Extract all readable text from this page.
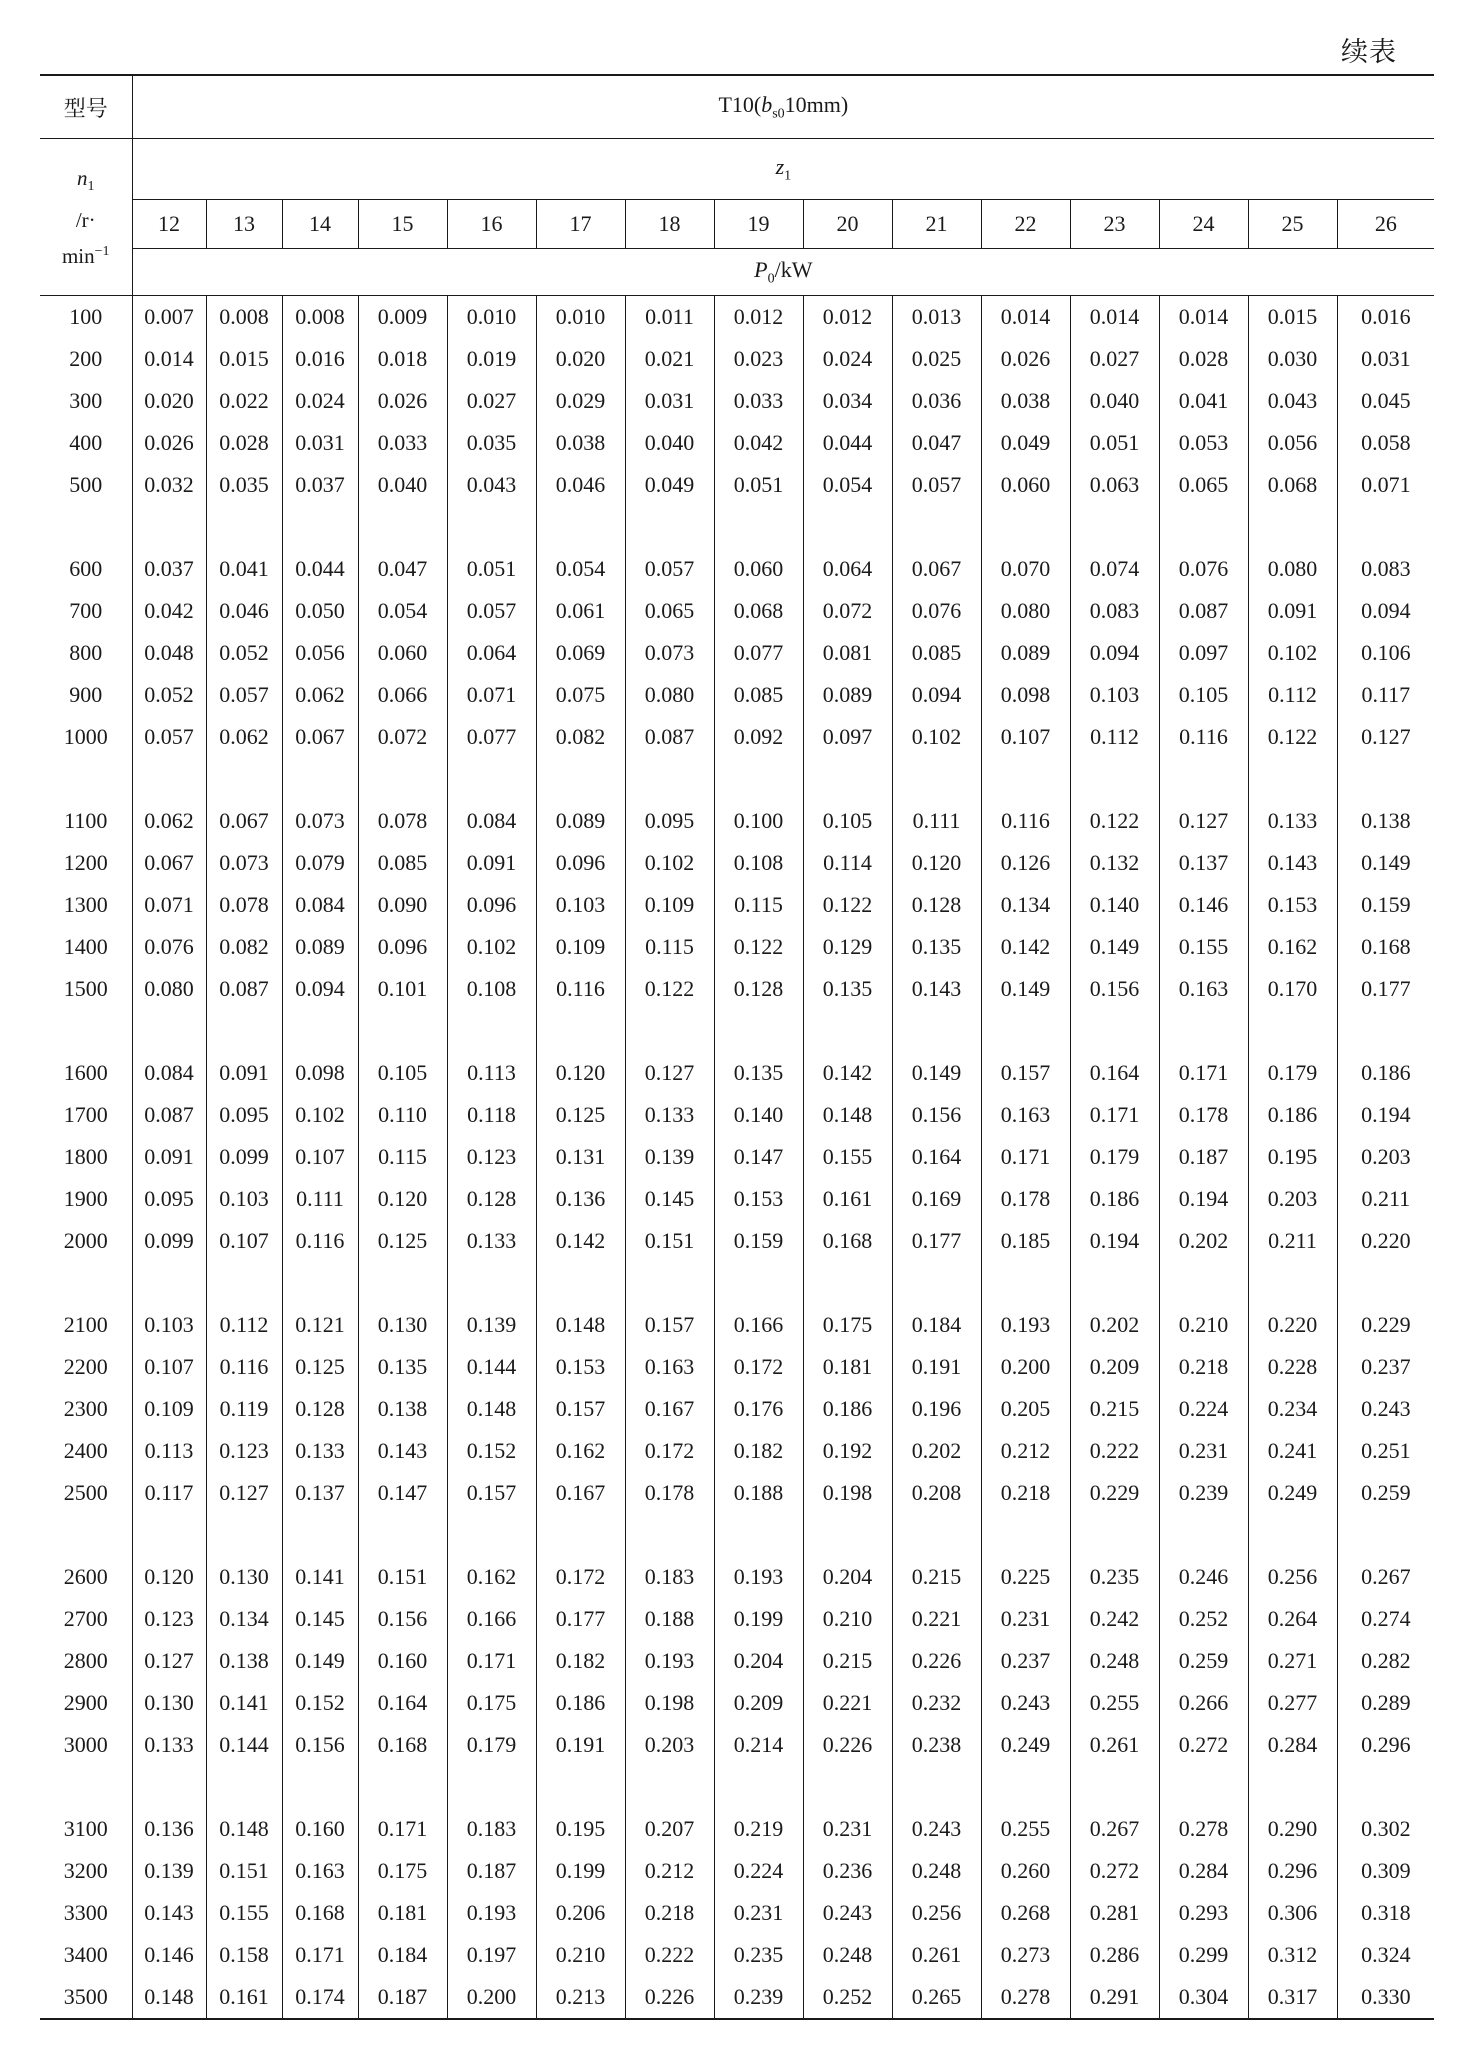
续表
型号	$T10(b_{s0}10mm)$														

$n_1$
/r·
$\min^{-1}$	$z_1$
	12	13	14	15	16	17	18	19	20	21	22	23	24	25	26
	$P_0/kW$														
100	0.007	0.008	0.008	0.009	0.010	0.010	0.011	0.012	0.012	0.013	0.014	0.014	0.014	0.015	0.016
200	0.014	0.015	0.016	0.018	0.019	0.020	0.021	0.023	0.024	0.025	0.026	0.027	0.028	0.030	0.031
300	0.020	0.022	0.024	0.026	0.027	0.029	0.031	0.033	0.034	0.036	0.038	0.040	0.041	0.043	0.045
400	0.026	0.028	0.031	0.033	0.035	0.038	0.040	0.042	0.044	0.047	0.049	0.051	0.053	0.056	0.058
500	0.032	0.035	0.037	0.040	0.043	0.046	0.049	0.051	0.054	0.057	0.060	0.063	0.065	0.068	0.071

600	0.037	0.041	0.044	0.047	0.051	0.054	0.057	0.060	0.064	0.067	0.070	0.074	0.076	0.080	0.083
700	0.042	0.046	0.050	0.054	0.057	0.061	0.065	0.068	0.072	0.076	0.080	0.083	0.087	0.091	0.094
800	0.048	0.052	0.056	0.060	0.064	0.069	0.073	0.077	0.081	0.085	0.089	0.094	0.097	0.102	0.106
900	0.052	0.057	0.062	0.066	0.071	0.075	0.080	0.085	0.089	0.094	0.098	0.103	0.105	0.112	0.117
1000	0.057	0.062	0.067	0.072	0.077	0.082	0.087	0.092	0.097	0.102	0.107	0.112	0.116	0.122	0.127

1100	0.062	0.067	0.073	0.078	0.084	0.089	0.095	0.100	0.105	0.111	0.116	0.122	0.127	0.133	0.138
1200	0.067	0.073	0.079	0.085	0.091	0.096	0.102	0.108	0.114	0.120	0.126	0.132	0.137	0.143	0.149
1300	0.071	0.078	0.084	0.090	0.096	0.103	0.109	0.115	0.122	0.128	0.134	0.140	0.146	0.153	0.159
1400	0.076	0.082	0.089	0.096	0.102	0.109	0.115	0.122	0.129	0.135	0.142	0.149	0.155	0.162	0.168
1500	0.080	0.087	0.094	0.101	0.108	0.116	0.122	0.128	0.135	0.143	0.149	0.156	0.163	0.170	0.177

1600	0.084	0.091	0.098	0.105	0.113	0.120	0.127	0.135	0.142	0.149	0.157	0.164	0.171	0.179	0.186
1700	0.087	0.095	0.102	0.110	0.118	0.125	0.133	0.140	0.148	0.156	0.163	0.171	0.178	0.186	0.194
1800	0.091	0.099	0.107	0.115	0.123	0.131	0.139	0.147	0.155	0.164	0.171	0.179	0.187	0.195	0.203
1900	0.095	0.103	0.111	0.120	0.128	0.136	0.145	0.153	0.161	0.169	0.178	0.186	0.194	0.203	0.211
2000	0.099	0.107	0.116	0.125	0.133	0.142	0.151	0.159	0.168	0.177	0.185	0.194	0.202	0.211	0.220

2100	0.103	0.112	0.121	0.130	0.139	0.148	0.157	0.166	0.175	0.184	0.193	0.202	0.210	0.220	0.229
2200	0.107	0.116	0.125	0.135	0.144	0.153	0.163	0.172	0.181	0.191	0.200	0.209	0.218	0.228	0.237
2300	0.109	0.119	0.128	0.138	0.148	0.157	0.167	0.176	0.186	0.196	0.205	0.215	0.224	0.234	0.243
2400	0.113	0.123	0.133	0.143	0.152	0.162	0.172	0.182	0.192	0.202	0.212	0.222	0.231	0.241	0.251
2500	0.117	0.127	0.137	0.147	0.157	0.167	0.178	0.188	0.198	0.208	0.218	0.229	0.239	0.249	0.259

2600	0.120	0.130	0.141	0.151	0.162	0.172	0.183	0.193	0.204	0.215	0.225	0.235	0.246	0.256	0.267
2700	0.123	0.134	0.145	0.156	0.166	0.177	0.188	0.199	0.210	0.221	0.231	0.242	0.252	0.264	0.274
2800	0.127	0.138	0.149	0.160	0.171	0.182	0.193	0.204	0.215	0.226	0.237	0.248	0.259	0.271	0.282
2900	0.130	0.141	0.152	0.164	0.175	0.186	0.198	0.209	0.221	0.232	0.243	0.255	0.266	0.277	0.289
3000	0.133	0.144	0.156	0.168	0.179	0.191	0.203	0.214	0.226	0.238	0.249	0.261	0.272	0.284	0.296

3100	0.136	0.148	0.160	0.171	0.183	0.195	0.207	0.219	0.231	0.243	0.255	0.267	0.278	0.290	0.302
3200	0.139	0.151	0.163	0.175	0.187	0.199	0.212	0.224	0.236	0.248	0.260	0.272	0.284	0.296	0.309
3300	0.143	0.155	0.168	0.181	0.193	0.206	0.218	0.231	0.243	0.256	0.268	0.281	0.293	0.306	0.318
3400	0.146	0.158	0.171	0.184	0.197	0.210	0.222	0.235	0.248	0.261	0.273	0.286	0.299	0.312	0.324
3500	0.148	0.161	0.174	0.187	0.200	0.213	0.226	0.239	0.252	0.265	0.278	0.291	0.304	0.317	0.330
